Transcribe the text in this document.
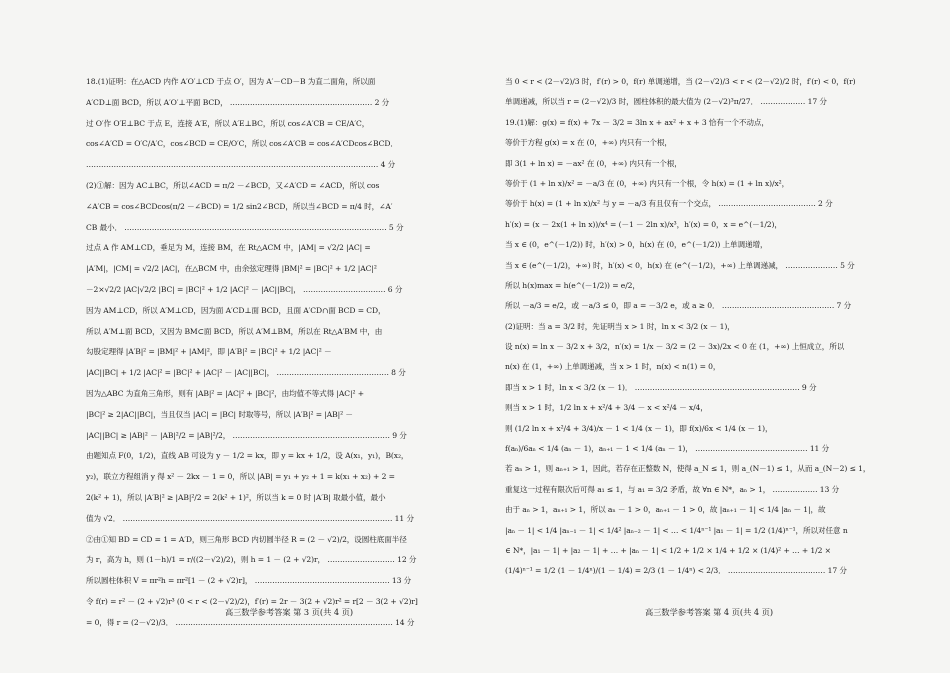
18.(1)证明：在△ACD 内作 A′O′⊥CD 于点 O′，因为 A′－CD－B 为直二面角，所以面
A′CD⊥面 BCD，所以 A′O′⊥平面 BCD， ………………………………………………… 2 分
过 O′作 O′E⊥BC 于点 E，连接 A′E，所以 A′E⊥BC，所以 cos∠A′CB = CE/A′C，
cos∠A′CD = O′C/A′C，cos∠BCD = CE/O′C，所以 cos∠A′CB = cos∠A′CDcos∠BCD．
……………………………………………………………………………………………………… 4 分
(2)①解：因为 AC⊥BC，所以∠ACD = π/2 －∠BCD，又∠A′CD = ∠ACD，所以 cos
∠A′CB = cos∠BCDcos(π/2 －∠BCD) = 1/2 sin2∠BCD，所以当∠BCD = π/4 时，∠A′
CB 最小． …………………………………………………………………………………………… 5 分
过点 A 作 AM⊥CD，垂足为 M，连接 BM，在 Rt△ACM 中，|AM| = √2/2 |AC| =
|A′M|，|CM| = √2/2 |AC|，在△BCM 中，由余弦定理得 |BM|² = |BC|² + 1/2 |AC|²
－2×√2/2 |AC|√2/2 |BC| = |BC|² + 1/2 |AC|² － |AC||BC|， …………………………… 6 分
因为 AM⊥CD，所以 A′M⊥CD，因为面 A′CD⊥面 BCD，且面 A′CD∩面 BCD = CD，
所以 A′M⊥面 BCD，又因为 BM⊂面 BCD，所以 A′M⊥BM，所以在 Rt△A′BM 中，由
勾股定理得 |A′B|² = |BM|² + |AM|²，即 |A′B|² = |BC|² + 1/2 |AC|² －
|AC||BC| + 1/2 |AC|² = |BC|² + |AC|² － |AC||BC|， ……………………………………… 8 分
因为△ABC 为直角三角形，则有 |AB|² = |AC|² + |BC|²，由均值不等式得 |AC|² +
|BC|² ≥ 2|AC||BC|，当且仅当 |AC| = |BC| 时取等号，所以 |A′B|² = |AB|² －
|AC||BC| ≥ |AB|² － |AB|²/2 = |AB|²/2， ……………………………………………………… 9 分
由题知点 F(0，1/2)，直线 AB 可设为 y － 1/2 = kx，即 y = kx + 1/2，设 A(x₁，y₁)，B(x₂，
y₂)，联立方程组消 y 得 x² － 2kx － 1 = 0，所以 |AB| = y₁ + y₂ + 1 = k(x₁ + x₂) + 2 =
2(k² + 1)，所以 |A′B|² ≥ |AB|²/2 = 2(k² + 1)²，所以当 k = 0 时 |A′B| 取最小值，最小
值为 √2． ……………………………………………………………………………………………… 11 分
②由①知 BD = CD = 1 = A′D，则三角形 BCD 内切圆半径 R = (2 － √2)/2，设圆柱底面半径
为 r，高为 h，则 (1－h)/1 = r/((2－√2)/2)，则 h = 1 － (2 + √2)r， ……………………… 12 分
所以圆柱体积 V = πr²h = πr²[1 － (2 + √2)r]， ……………………………………………… 13 分
令 f(r) = r² － (2 + √2)r³ (0 < r < (2－√2)/2)，f′(r) = 2r － 3(2 + √2)r² = r[2 － 3(2 + √2)r]
= 0，得 r = (2－√2)/3． …………………………………………………………………………… 14 分
高三数学参考答案 第 3 页(共 4 页)
当 0 < r < (2－√2)/3 时，f′(r) > 0，f(r) 单调递增，当 (2－√2)/3 < r < (2－√2)/2 时，f′(r) < 0，f(r)
单调递减，所以当 r = (2－√2)/3 时，圆柱体积的最大值为 (2－√2)³π/27． ……………… 17 分
19.(1)解：g(x) = f(x) + 7x － 3/2 = 3ln x + ax² + x + 3 恰有一个不动点，
等价于方程 g(x) = x 在 (0，+∞) 内只有一个根，
即 3(1 + ln x) = －ax² 在 (0，+∞) 内只有一个根，
等价于 (1 + ln x)/x² = －a/3 在 (0，+∞) 内只有一个根，令 h(x) = (1 + ln x)/x²，
等价于 h(x) = (1 + ln x)/x² 与 y = －a/3 有且仅有一个交点， ………………………………… 2 分
h′(x) = (x － 2x(1 + ln x))/x⁴ = (－1 － 2ln x)/x³，h′(x) = 0，x = e^(－1/2)，
当 x ∈ (0，e^(－1/2)) 时，h′(x) > 0，h(x) 在 (0，e^(－1/2)) 上单调递增，
当 x ∈ (e^(－1/2)，+∞) 时，h′(x) < 0，h(x) 在 (e^(－1/2)，+∞) 上单调递减， ………………… 5 分
所以 h(x)max = h(e^(－1/2)) = e/2，
所以 －a/3 = e/2，或 －a/3 ≤ 0，即 a = －3/2 e，或 a ≥ 0． ……………………………………… 7 分
(2)证明：当 a = 3/2 时，先证明当 x > 1 时，ln x < 3/2 (x － 1)，
设 n(x) = ln x － 3/2 x + 3/2，n′(x) = 1/x － 3/2 = (2 － 3x)/2x < 0 在 (1，+∞) 上恒成立，所以
n(x) 在 (1，+∞) 上单调递减，当 x > 1 时，n(x) < n(1) = 0，
即当 x > 1 时，ln x < 3/2 (x － 1)． ………………………………………………………… 9 分
则当 x > 1 时，1/2 ln x + x²/4 + 3/4 － x < x²/4 － x/4，
则 (1/2 ln x + x²/4 + 3/4)/x － 1 < 1/4 (x － 1)，即 f(x)/6x < 1/4 (x － 1)，
f(aₙ)/6aₙ < 1/4 (aₙ － 1)，aₙ₊₁ － 1 < 1/4 (aₙ － 1)， ……………………………………… 11 分
若 aₙ > 1，则 aₙ₊₁ > 1，因此，若存在正整数 N，使得 a_N ≤ 1，则 a_(N－1) ≤ 1，从而 a_(N－2) ≤ 1，
重复这一过程有限次后可得 a₁ ≤ 1，与 a₁ = 3/2 矛盾，故 ∀n ∈ N*，aₙ > 1， ……………… 13 分
由于 aₙ > 1，aₙ₊₁ > 1，所以 aₙ － 1 > 0，aₙ₊₁ － 1 > 0，故 |aₙ₊₁ － 1| < 1/4 |aₙ － 1|，故
|aₙ － 1| < 1/4 |aₙ₋₁ － 1| < 1/4² |aₙ₋₂ － 1| < … < 1/4ⁿ⁻¹ |a₁ － 1| = 1/2 (1/4)ⁿ⁻¹，所以对任意 n
∈ N*，|a₁ － 1| + |a₂ － 1| + … + |aₙ － 1| < 1/2 + 1/2 × 1/4 + 1/2 × (1/4)² + … + 1/2 ×
(1/4)ⁿ⁻¹ = 1/2 (1 － 1/4ⁿ)/(1 － 1/4) = 2/3 (1 － 1/4ⁿ) < 2/3． ………………………………… 17 分
高三数学参考答案 第 4 页(共 4 页)
